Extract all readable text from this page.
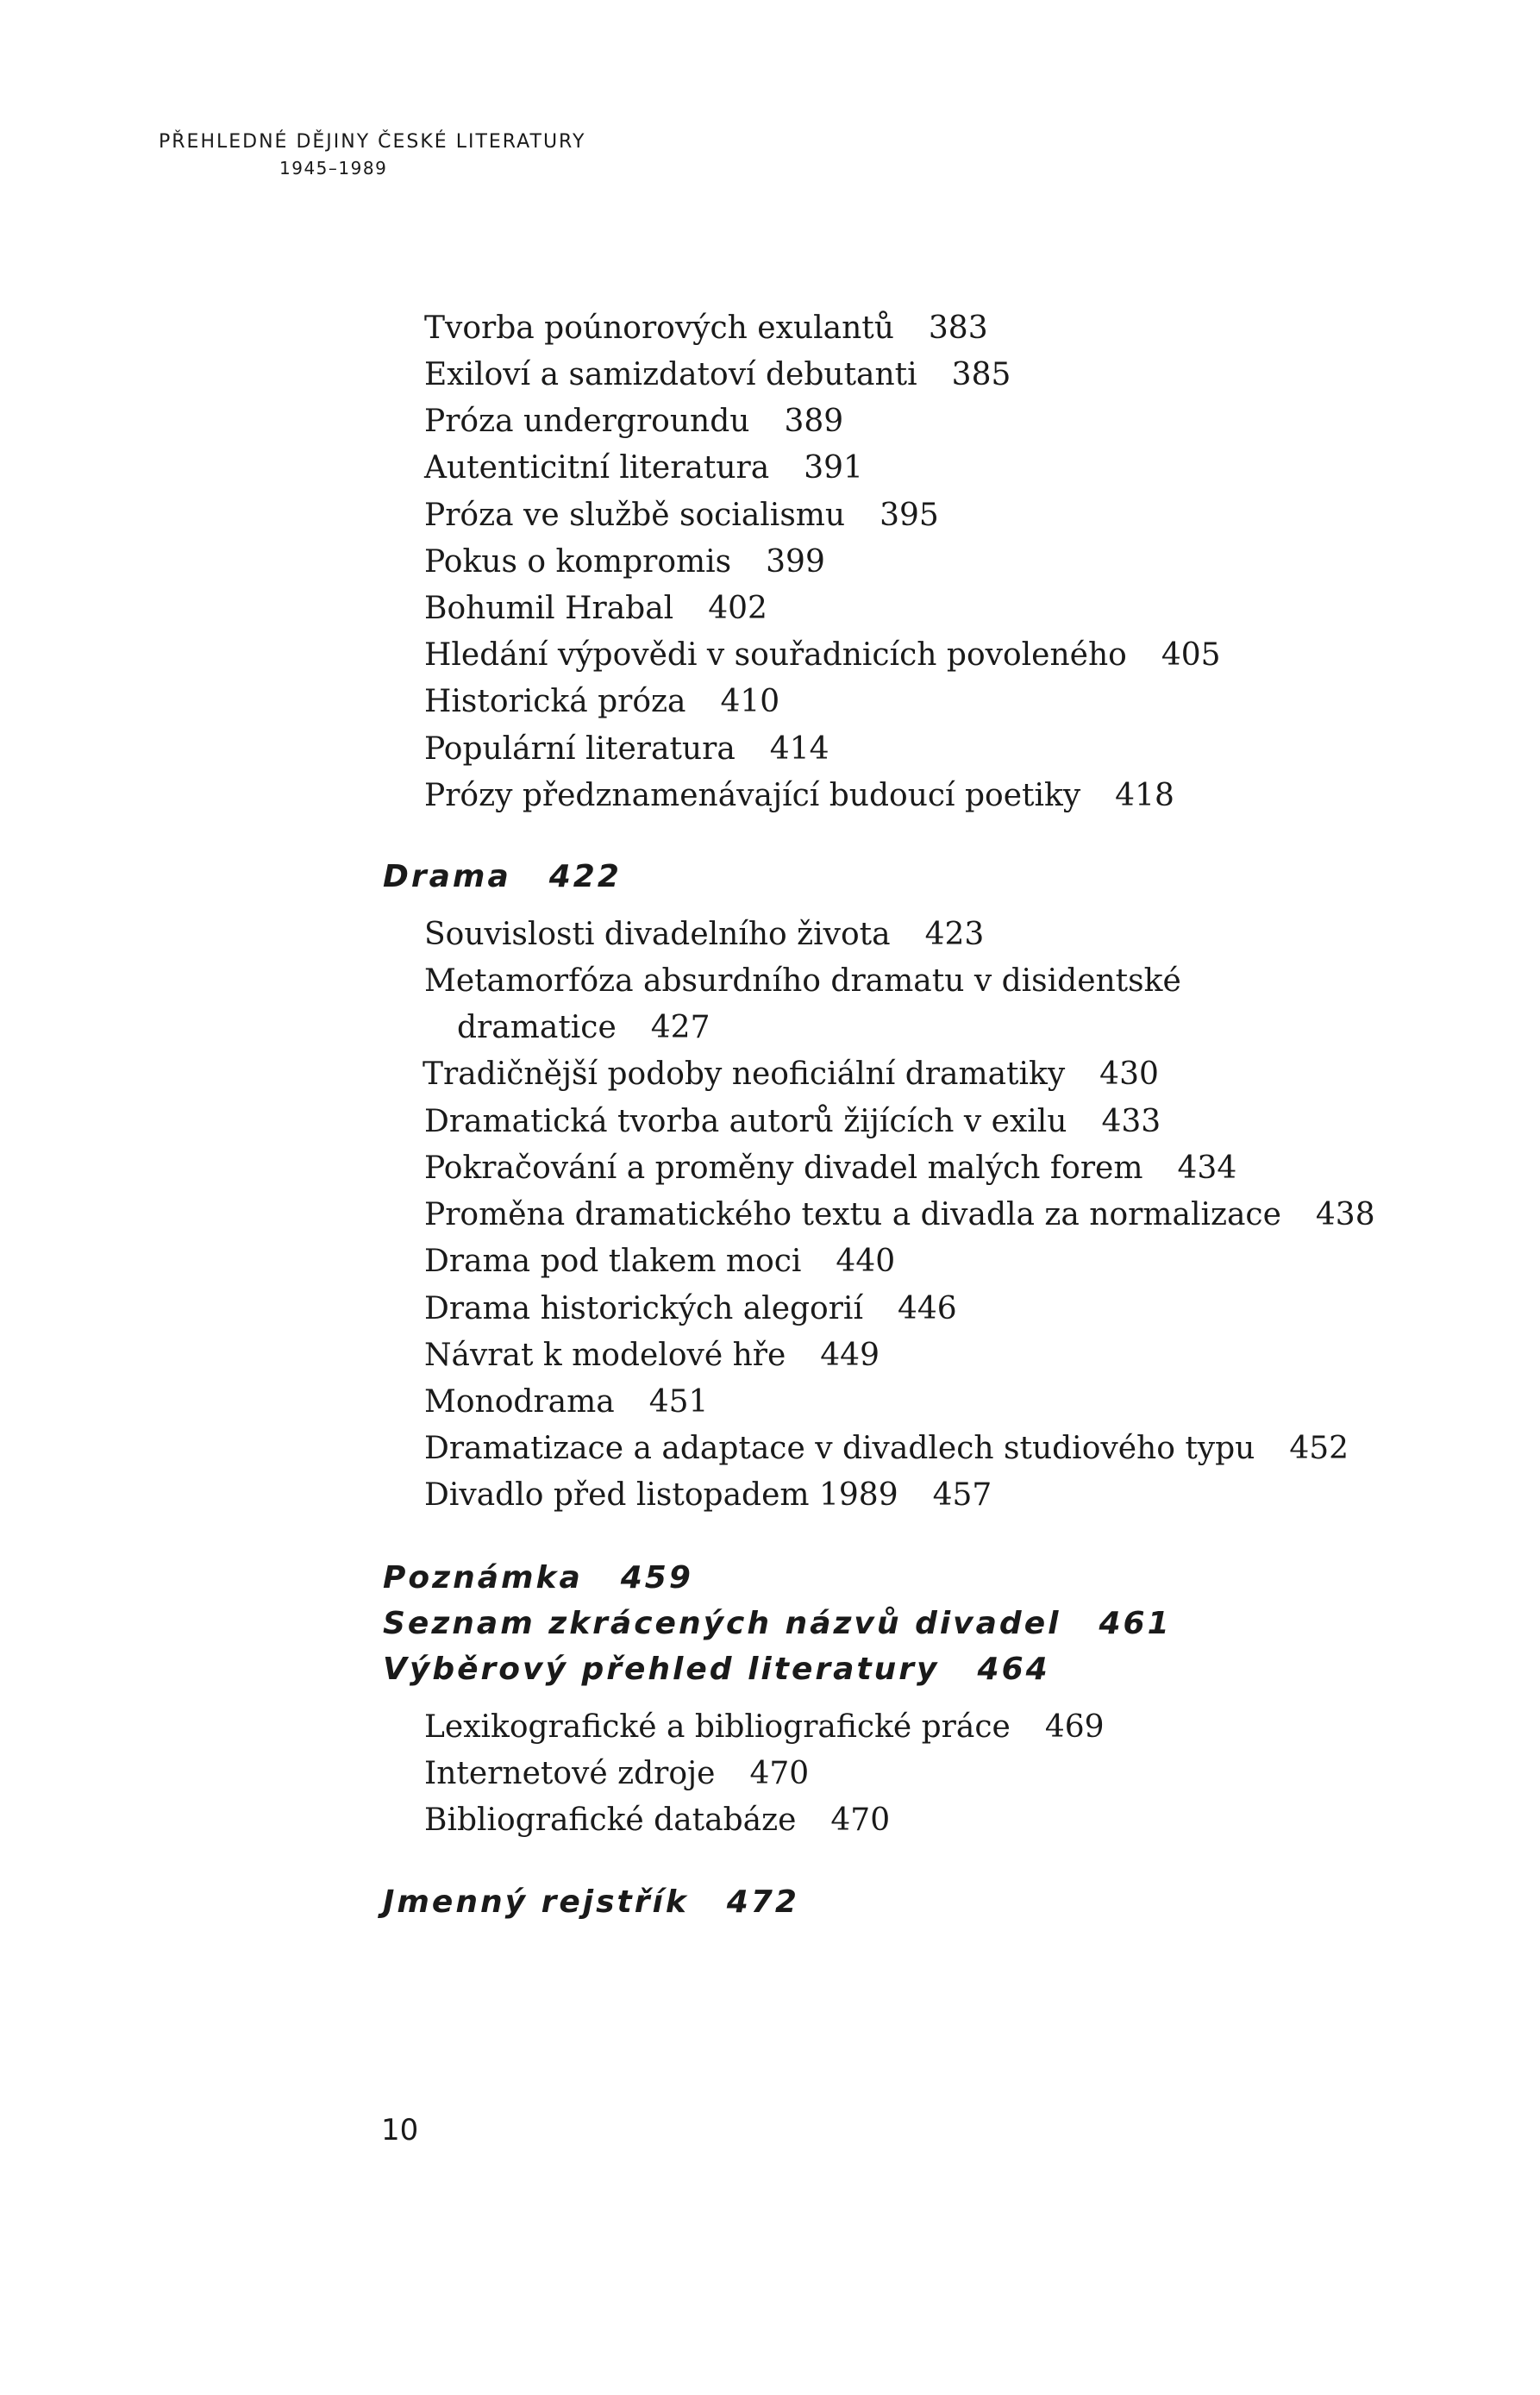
PŘEHLEDNÉ DĚJINY ČESKÉ LITERATURY
1945–1989
Tvorba poúnorových exulantů 383
Exiloví a samizdatoví debutanti 385
Próza undergroundu 389
Autenticitní literatura 391
Próza ve službě socialismu 395
Pokus o kompromis 399
Bohumil Hrabal 402
Hledání výpovědi v souřadnicích povoleného 405
Historická próza 410
Populární literatura 414
Prózy předznamenávající budoucí poetiky 418
Drama 422
Souvislosti divadelního života 423
Metamorfóza absurdního dramatu v disidentské
dramatice 427
Tradičnější podoby neoficiální dramatiky 430
Dramatická tvorba autorů žijících v exilu 433
Pokračování a proměny divadel malých forem 434
Proměna dramatického textu a divadla za normalizace 438
Drama pod tlakem moci 440
Drama historických alegorií 446
Návrat k modelové hře 449
Monodrama 451
Dramatizace a adaptace v divadlech studiového typu 452
Divadlo před listopadem 1989 457
Poznámka 459
Seznam zkrácených názvů divadel 461
Výběrový přehled literatury 464
Lexikografické a bibliografické práce 469
Internetové zdroje 470
Bibliografické databáze 470
Jmenný rejstřík 472
10
